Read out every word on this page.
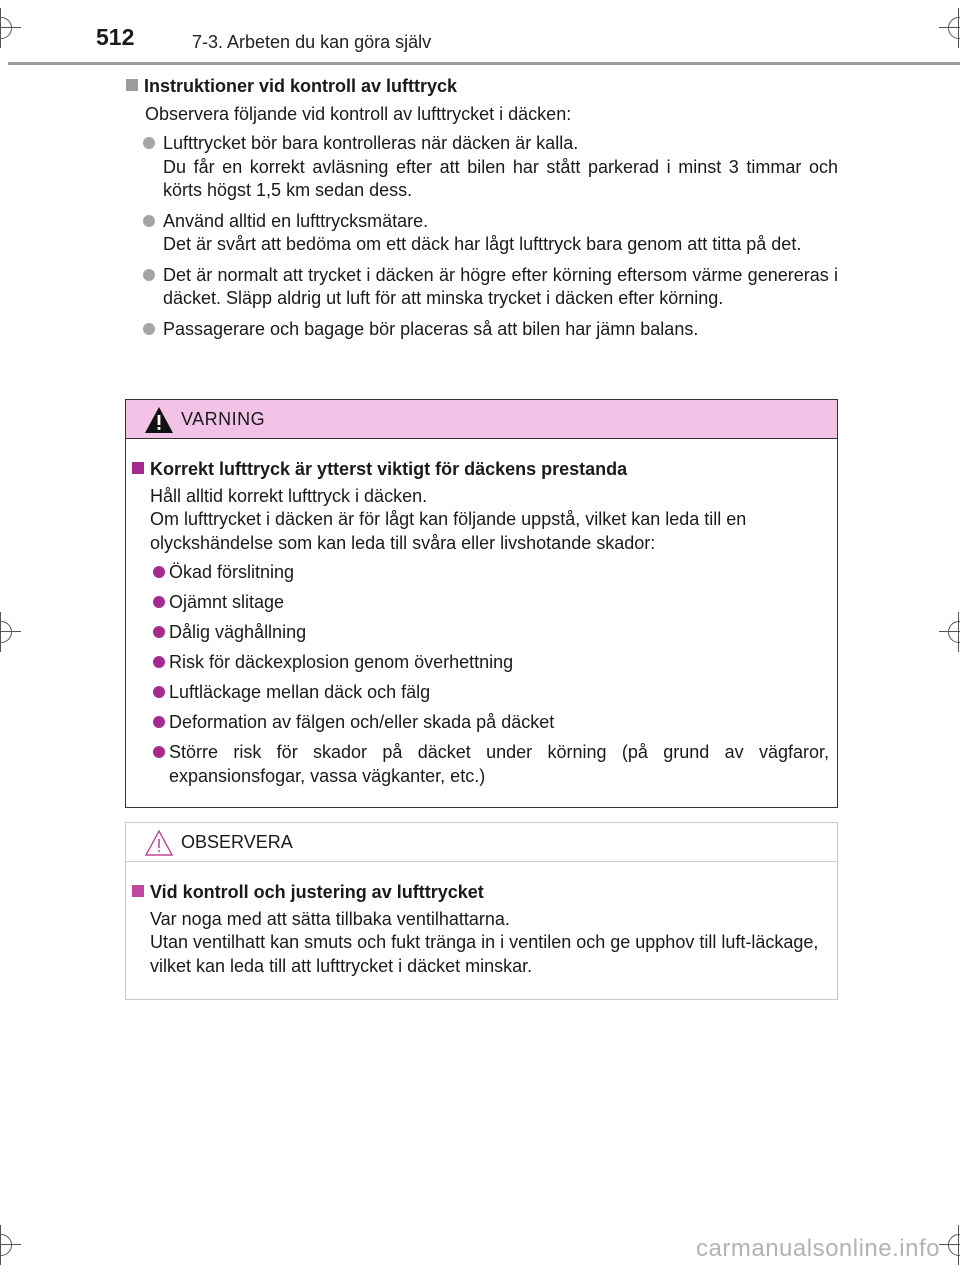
512	7-3. Arbeten du kan göra själv
Instruktioner vid kontroll av lufttryck
Observera följande vid kontroll av lufttrycket i däcken:
Lufttrycket bör bara kontrolleras när däcken är kalla.
Du får en korrekt avläsning efter att bilen har stått parkerad i minst 3 timmar och körts högst 1,5 km sedan dess.
Använd alltid en lufttrycksmätare.
Det är svårt att bedöma om ett däck har lågt lufttryck bara genom att titta på det.
Det är normalt att trycket i däcken är högre efter körning eftersom värme genereras i däcket. Släpp aldrig ut luft för att minska trycket i däcken efter körning.
Passagerare och bagage bör placeras så att bilen har jämn balans.
VARNING
Korrekt lufttryck är ytterst viktigt för däckens prestanda
Håll alltid korrekt lufttryck i däcken.
Om lufttrycket i däcken är för lågt kan följande uppstå, vilket kan leda till en olyckshändelse som kan leda till svåra eller livshotande skador:
Ökad förslitning
Ojämnt slitage
Dålig väghållning
Risk för däckexplosion genom överhettning
Luftläckage mellan däck och fälg
Deformation av fälgen och/eller skada på däcket
Större risk för skador på däcket under körning (på grund av vägfaror, expansionsfogar, vassa vägkanter, etc.)
OBSERVERA
Vid kontroll och justering av lufttrycket
Var noga med att sätta tillbaka ventilhattarna.
Utan ventilhatt kan smuts och fukt tränga in i ventilen och ge upphov till luft-läckage, vilket kan leda till att lufttrycket i däcket minskar.
carmanualsonline.info
